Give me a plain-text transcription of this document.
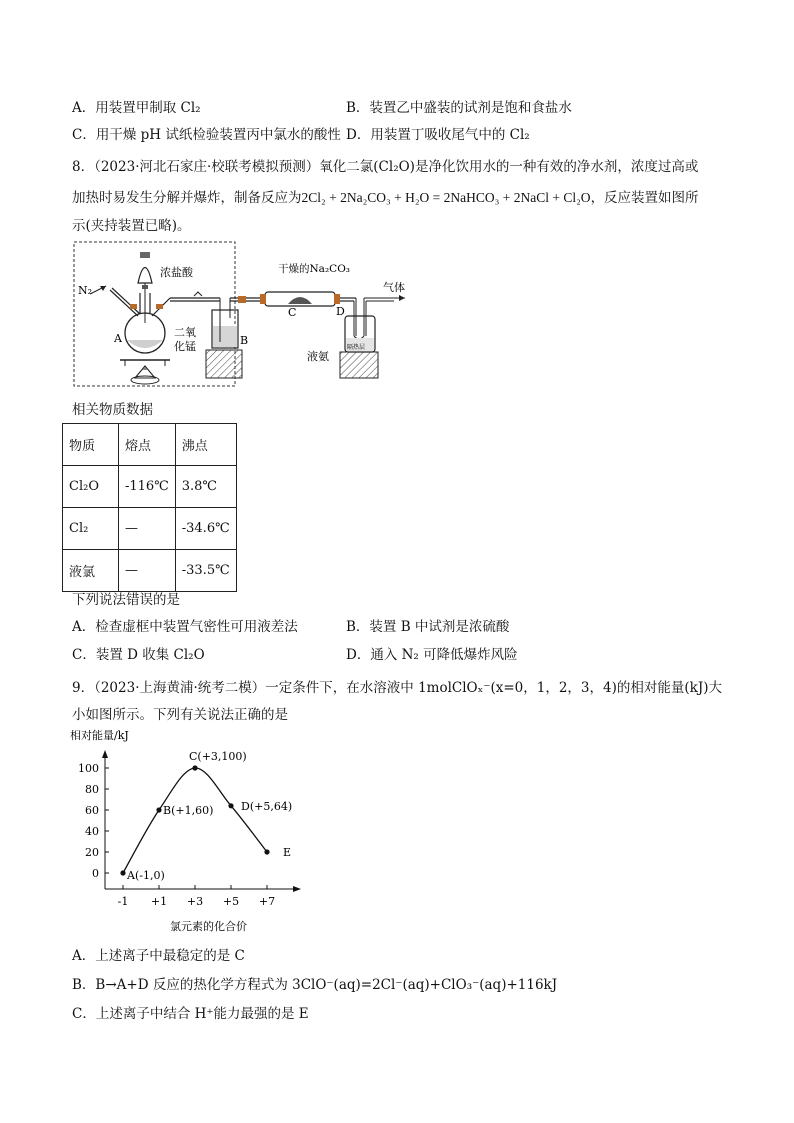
A．用装置甲制取 Cl₂	B．装置乙中盛装的试剂是饱和食盐水
C．用干燥 pH 试纸检验装置丙中氯水的酸性 D．用装置丁吸收尾气中的 Cl₂
8．（2023·河北石家庄·校联考模拟预测）氧化二氯(Cl₂O)是净化饮用水的一种有效的净水剂，浓度过高或
加热时易发生分解并爆炸，制备反应为2Cl₂ + 2Na₂CO₃ + H₂O = 2NaHCO₃ + 2NaCl + Cl₂O，反应装置如图所
示(夹持装置已略)。
N₂
浓盐酸
A	二氧
化锰	B
干燥的Na₂CO₃
C
气体
D
液氨
隔热层
相关物质数据
物质	熔点	沸点
Cl₂O	-116℃	3.8℃
Cl₂	—	-34.6℃
液氯	—	-33.5℃
下列说法错误的是
A．检查虚框中装置气密性可用液差法	B．装置 B 中试剂是浓硫酸
C．装置 D 收集 Cl₂O	D．通入 N₂ 可降低爆炸风险
9．（2023·上海黄浦·统考二模）一定条件下，在水溶液中 1molClOₓ⁻(x=0，1，2，3，4)的相对能量(kJ)大
小如图所示。下列有关说法正确的是
相对能量/kJ
氯元素的化合价
0
20
40
60
80
100
-1 +1 +3 +5 +7
A(-1,0)
B(+1,60)
C(+3,100)
D(+5,64)
E
A．上述离子中最稳定的是 C
B．B→A+D 反应的热化学方程式为 3ClO⁻(aq)=2Cl⁻(aq)+ClO₃⁻(aq)+116kJ
C．上述离子中结合 H⁺能力最强的是 E
